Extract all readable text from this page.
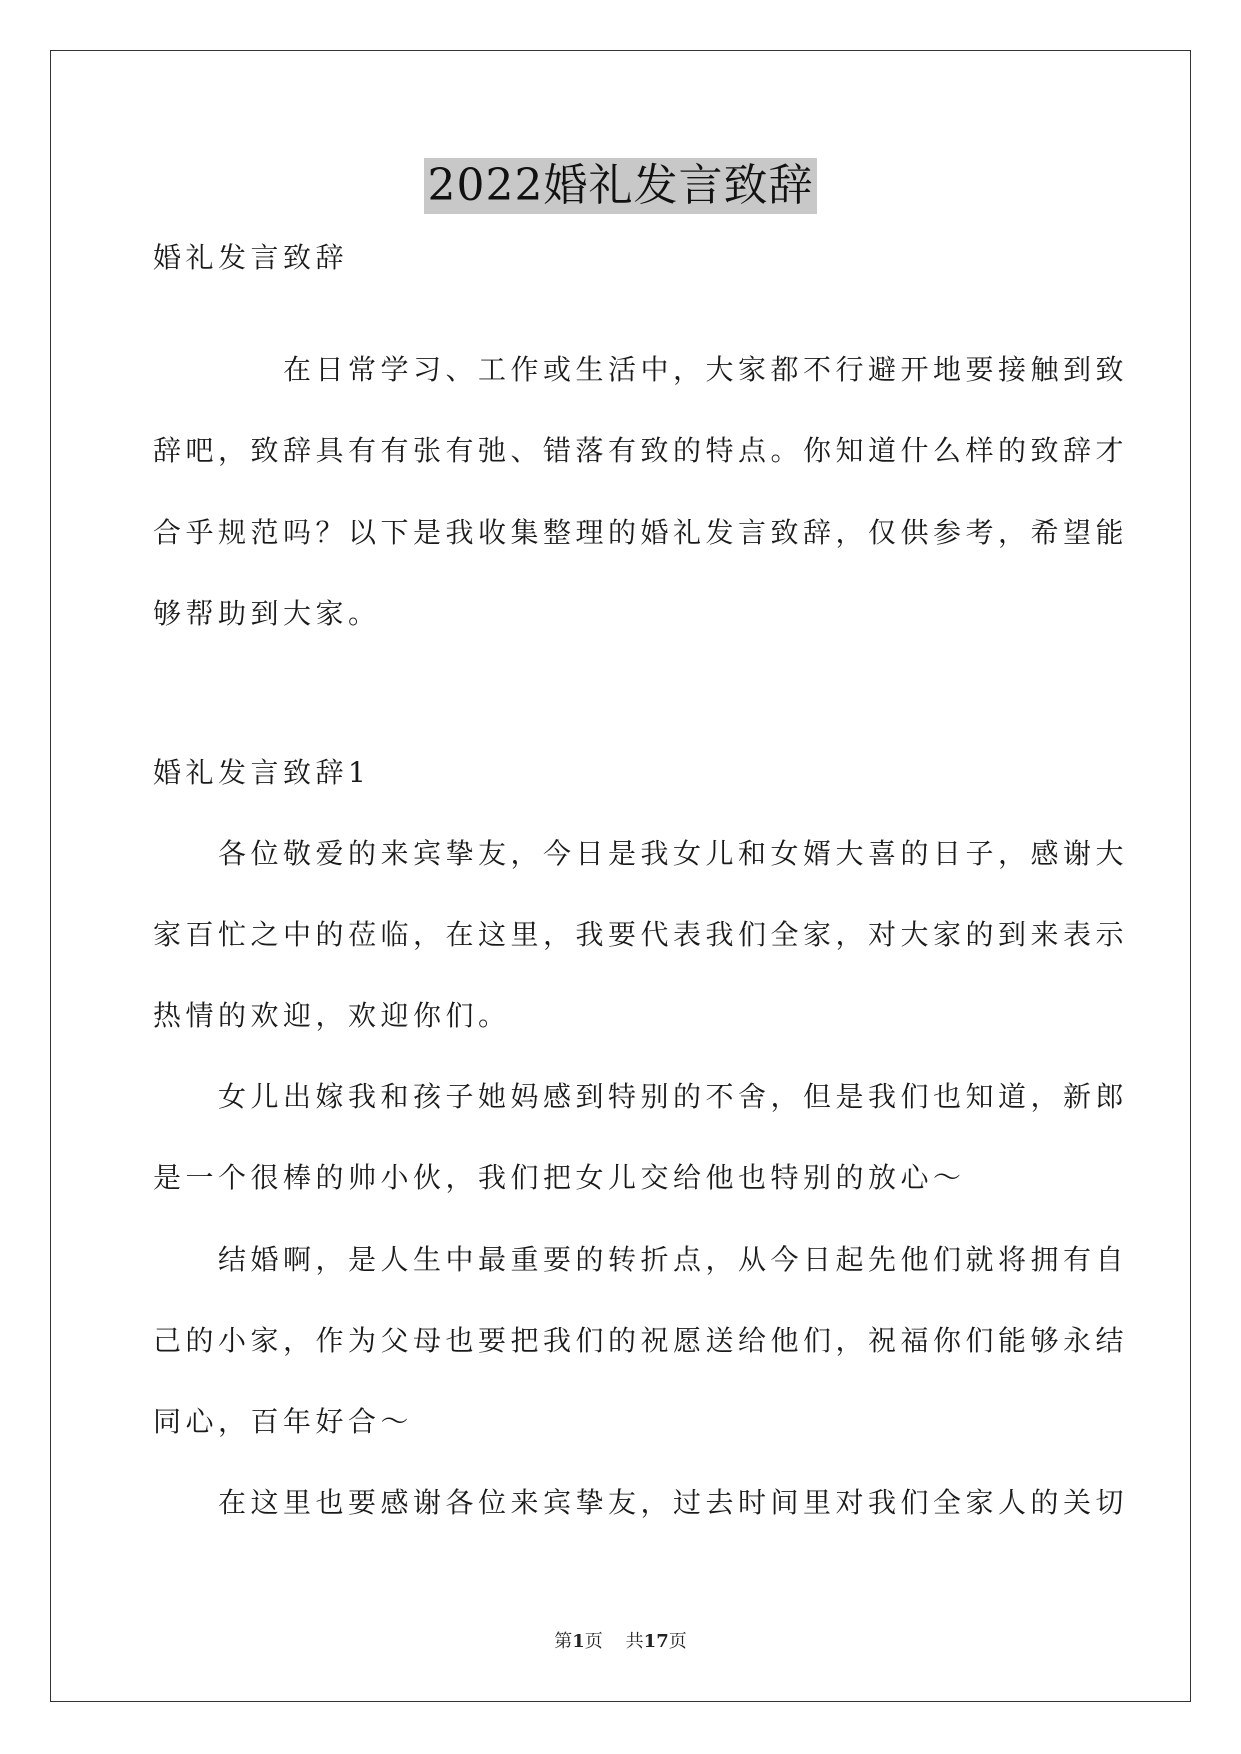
2022婚礼发言致辞
婚礼发言致辞
　　　　在日常学习、工作或生活中，大家都不行避开地要接触到致
辞吧，致辞具有有张有弛、错落有致的特点。你知道什么样的致辞才
合乎规范吗？以下是我收集整理的婚礼发言致辞，仅供参考，希望能
够帮助到大家。
婚礼发言致辞1
　　各位敬爱的来宾挚友，今日是我女儿和女婿大喜的日子，感谢大
家百忙之中的莅临，在这里，我要代表我们全家，对大家的到来表示
热情的欢迎，欢迎你们。
　　女儿出嫁我和孩子她妈感到特别的不舍，但是我们也知道，新郎
是一个很棒的帅小伙，我们把女儿交给他也特别的放心～
　　结婚啊，是人生中最重要的转折点，从今日起先他们就将拥有自
己的小家，作为父母也要把我们的祝愿送给他们，祝福你们能够永结
同心，百年好合～
　　在这里也要感谢各位来宾挚友，过去时间里对我们全家人的关切
第1页 共17页
